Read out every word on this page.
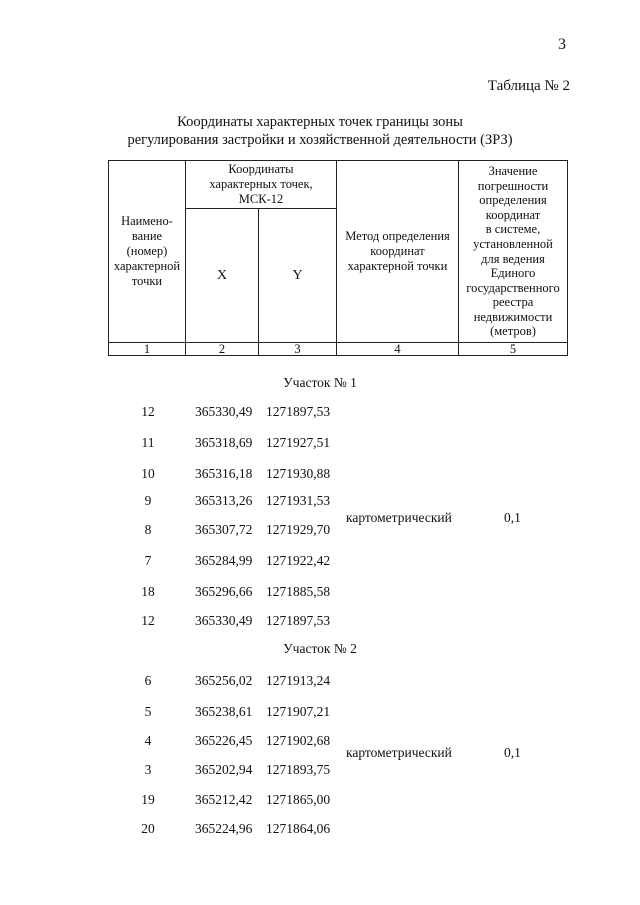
3
Таблица № 2
Координаты характерных точек границы зоны
регулирования застройки и хозяйственной деятельности (ЗРЗ)
Наимено-
вание
(номер)
характерной
точки
Координаты
характерных точек,
МСК-12
X	Y
Метод определения
координат
характерной точки
Значение
погрешности
определения
координат
в системе,
установленной
для ведения
Единого
государственного
реестра
недвижимости
(метров)
1	2	3	4	5
Участок № 1
12	365330,49 1271897,53
11	365318,69 1271927,51
10	365316,18 1271930,88
9	365313,26 1271931,53
8	365307,72 1271929,70
7	365284,99 1271922,42
18	365296,66 1271885,58
12	365330,49 1271897,53
картометрический	0,1
Участок № 2
6	365256,02 1271913,24
5	365238,61 1271907,21
4	365226,45 1271902,68
3	365202,94 1271893,75
19	365212,42 1271865,00
20	365224,96 1271864,06
картометрический	0,1
